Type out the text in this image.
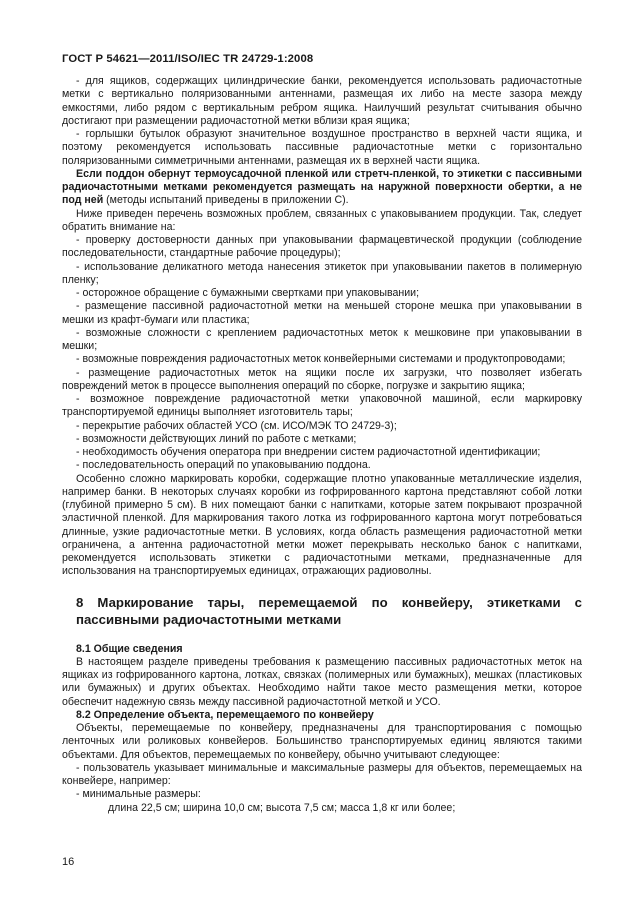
ГОСТ Р 54621—2011/ISO/IEC TR 24729-1:2008

- для ящиков, содержащих цилиндрические банки, рекомендуется использовать радиочастотные метки с вертикально поляризованными антеннами, размещая их либо на месте зазора между емкостями, либо рядом с вертикальным ребром ящика. Наилучший результат считывания обычно достигают при размещении радиочастотной метки вблизи края ящика;

- горлышки бутылок образуют значительное воздушное пространство в верхней части ящика, и поэтому рекомендуется использовать пассивные радиочастотные метки с горизонтально поляризованными симметричными антеннами, размещая их в верхней части ящика.

Если поддон обернут термоусадочной пленкой или стретч-пленкой, то этикетки с пассивными радиочастотными метками рекомендуется размещать на наружной поверхности обертки, а не под ней (методы испытаний приведены в приложении С).

Ниже приведен перечень возможных проблем, связанных с упаковыванием продукции. Так, следует обратить внимание на:

- проверку достоверности данных при упаковывании фармацевтической продукции (соблюдение последовательности, стандартные рабочие процедуры);

- использование деликатного метода нанесения этикеток при упаковывании пакетов в полимерную пленку;

- осторожное обращение с бумажными свертками при упаковывании;

- размещение пассивной радиочастотной метки на меньшей стороне мешка при упаковывании в мешки из крафт-бумаги или пластика;

- возможные сложности с креплением радиочастотных меток к мешковине при упаковывании в мешки;

- возможные повреждения радиочастотных меток конвейерными системами и продуктопроводами;

- размещение радиочастотных меток на ящики после их загрузки, что позволяет избегать повреждений меток в процессе выполнения операций по сборке, погрузке и закрытию ящика;

- возможное повреждение радиочастотной метки упаковочной машиной, если маркировку транспортируемой единицы выполняет изготовитель тары;

- перекрытие рабочих областей УСО (см. ИСО/МЭК ТО 24729-3);

- возможности действующих линий по работе с метками;

- необходимость обучения оператора при внедрении систем радиочастотной идентификации;

- последовательность операций по упаковыванию поддона.

Особенно сложно маркировать коробки, содержащие плотно упакованные металлические изделия, например банки. В некоторых случаях коробки из гофрированного картона представляют собой лотки (глубиной примерно 5 см). В них помещают банки с напитками, которые затем покрывают прозрачной эластичной пленкой. Для маркирования такого лотка из гофрированного картона могут потребоваться длинные, узкие радиочастотные метки. В условиях, когда область размещения радиочастотной метки ограничена, а антенна радиочастотной метки может перекрывать несколько банок с напитками, рекомендуется использовать этикетки с радиочастотными метками, предназначенные для использования на транспортируемых единицах, отражающих радиоволны.

8 Маркирование тары, перемещаемой по конвейеру, этикетками с пассивными радиочастотными метками
8.1 Общие сведения

В настоящем разделе приведены требования к размещению пассивных радиочастотных меток на ящиках из гофрированного картона, лотках, связках (полимерных или бумажных), мешках (пластиковых или бумажных) и других объектах. Необходимо найти такое место размещения метки, которое обеспечит надежную связь между пассивной радиочастотной меткой и УСО.

8.2 Определение объекта, перемещаемого по конвейеру

Объекты, перемещаемые по конвейеру, предназначены для транспортирования с помощью ленточных или роликовых конвейеров. Большинство транспортируемых единиц являются такими объектами. Для объектов, перемещаемых по конвейеру, обычно учитывают следующее:

- пользователь указывает минимальные и максимальные размеры для объектов, перемещаемых на конвейере, например:

- минимальные размеры:

длина 22,5 см; ширина 10,0 см; высота 7,5 см; масса 1,8 кг или более;

16
